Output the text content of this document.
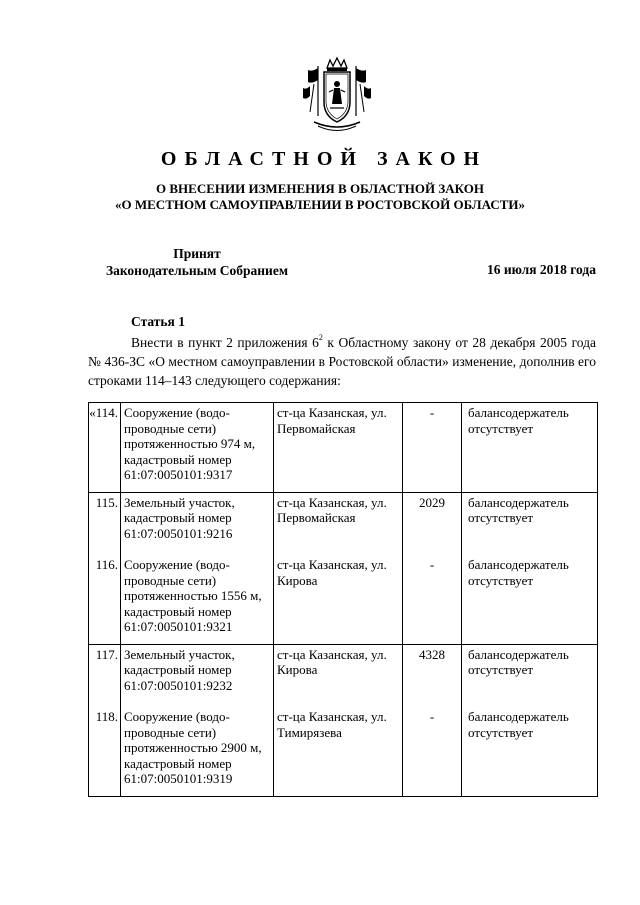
ОБЛАСТНОЙ ЗАКОН
О ВНЕСЕНИИ ИЗМЕНЕНИЯ В ОБЛАСТНОЙ ЗАКОН
«О МЕСТНОМ САМОУПРАВЛЕНИИ В РОСТОВСКОЙ ОБЛАСТИ»
Принят
Законодательным Собранием	16 июля 2018 года
Статья 1
Внести в пункт 2 приложения $6^2$ к Областному закону от 28 декабря 2005 года № 436-ЗС «О местном самоуправлении в Ростовской области» изменение, дополнив его строками 114–143 следующего содержания:
«114.	Сооружение (водо-проводные сети) протяженностью 974 м, кадастровый номер 61:07:0050101:9317	ст-ца Казанская, ул. Первомайская	-	балансодержатель отсутствует
115.	Земельный участок, кадастровый номер 61:07:0050101:9216	ст-ца Казанская, ул. Первомайская	2029	балансодержатель отсутствует
116.	Сооружение (водо-проводные сети) протяженностью 1556 м, кадастровый номер 61:07:0050101:9321	ст-ца Казанская, ул. Кирова	-	балансодержатель отсутствует
117.	Земельный участок, кадастровый номер 61:07:0050101:9232	ст-ца Казанская, ул. Кирова	4328	балансодержатель отсутствует
118.	Сооружение (водо-проводные сети) протяженностью 2900 м, кадастровый номер 61:07:0050101:9319	ст-ца Казанская, ул. Тимирязева	-	балансодержатель отсутствует
